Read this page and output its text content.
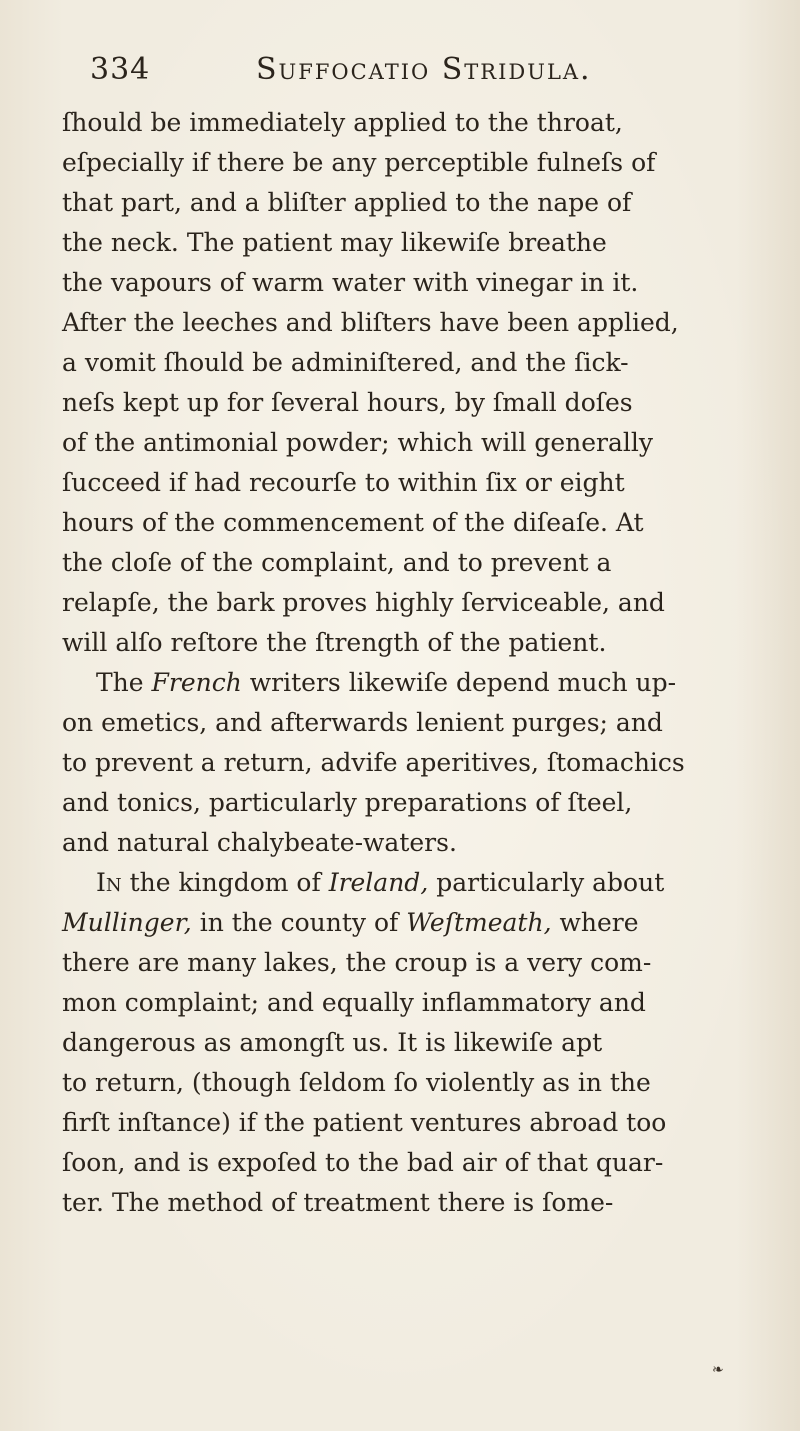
334	Suffocatio Stridula.
ſhould be immediately applied to the throat,
eſpecially if there be any perceptible fulneſs of
that part, and a bliſter applied to the nape of
the neck. The patient may likewiſe breathe
the vapours of warm water with vinegar in it.
After the leeches and bliſters have been applied,
a vomit ſhould be adminiſtered, and the ſick-
neſs kept up for ſeveral hours, by ſmall doſes
of the antimonial powder; which will generally
ſucceed if had recourſe to within ſix or eight
hours of the commencement of the diſeaſe. At
the cloſe of the complaint, and to prevent a
relapſe, the bark proves highly ſerviceable, and
will alſo reſtore the ſtrength of the patient.
The French writers likewiſe depend much up-
on emetics, and afterwards lenient purges; and
to prevent a return, advife aperitives, ſtomachics
and tonics, particularly preparations of ſteel,
and natural chalybeate-waters.
In the kingdom of Ireland, particularly about
Mullinger, in the county of Weſtmeath, where
there are many lakes, the croup is a very com-
mon complaint; and equally inflammatory and
dangerous as amongſt us. It is likewiſe apt
to return, (though ſeldom ſo violently as in the
firſt inſtance) if the patient ventures abroad too
ſoon, and is expoſed to the bad air of that quar-
ter. The method of treatment there is ſome-
❧
